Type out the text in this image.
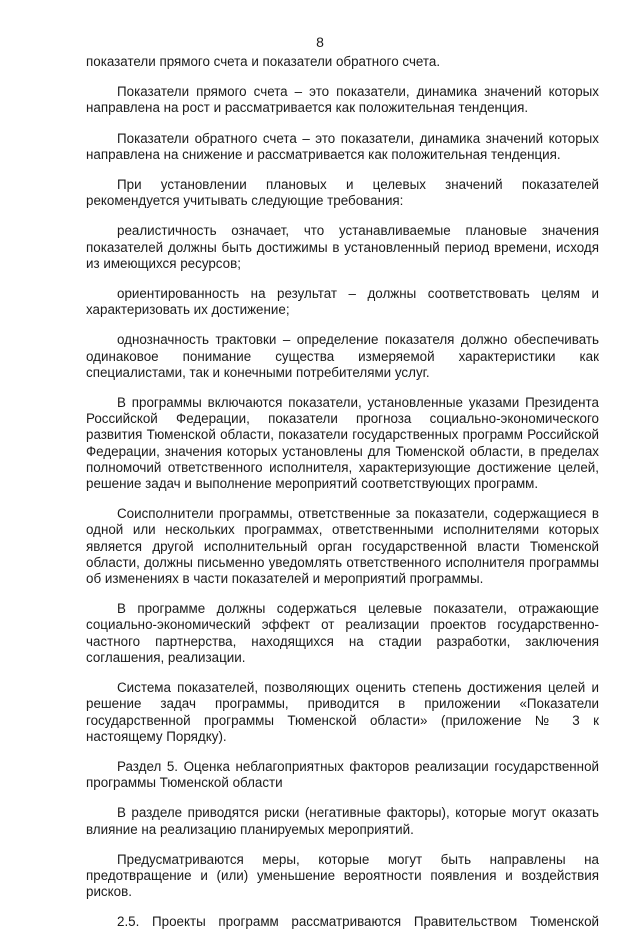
8

показатели прямого счета и показатели обратного счета.

Показатели прямого счета – это показатели, динамика значений которых направлена на рост и рассматривается как положительная тенденция.

Показатели обратного счета – это показатели, динамика значений которых направлена на снижение и рассматривается как положительная тенденция.

При установлении плановых и целевых значений показателей рекомендуется учитывать следующие требования:

реалистичность означает, что устанавливаемые плановые значения показателей должны быть достижимы в установленный период времени, исходя из имеющихся ресурсов;

ориентированность на результат – должны соответствовать целям и характеризовать их достижение;

однозначность трактовки – определение показателя должно обеспечивать одинаковое понимание существа измеряемой характеристики как специалистами, так и конечными потребителями услуг.

В программы включаются показатели, установленные указами Президента Российской Федерации, показатели прогноза социально-экономического развития Тюменской области, показатели государственных программ Российской Федерации, значения которых установлены для Тюменской области, в пределах полномочий ответственного исполнителя, характеризующие достижение целей, решение задач и выполнение мероприятий соответствующих программ.

Соисполнители программы, ответственные за показатели, содержащиеся в одной или нескольких программах, ответственными исполнителями которых является другой исполнительный орган государственной власти Тюменской области, должны письменно уведомлять ответственного исполнителя программы об изменениях в части показателей и мероприятий программы.

В программе должны содержаться целевые показатели, отражающие социально-экономический эффект от реализации проектов государственно-частного партнерства, находящихся на стадии разработки, заключения соглашения, реализации.

Система показателей, позволяющих оценить степень достижения целей и решение задач программы, приводится в приложении «Показатели государственной программы Тюменской области» (приложение № 3 к настоящему Порядку).

Раздел 5. Оценка неблагоприятных факторов реализации государственной программы Тюменской области

В разделе приводятся риски (негативные факторы), которые могут оказать влияние на реализацию планируемых мероприятий.

Предусматриваются меры, которые могут быть направлены на предотвращение и (или) уменьшение вероятности появления и воздействия рисков.

2.5. Проекты программ рассматриваются Правительством Тюменской
